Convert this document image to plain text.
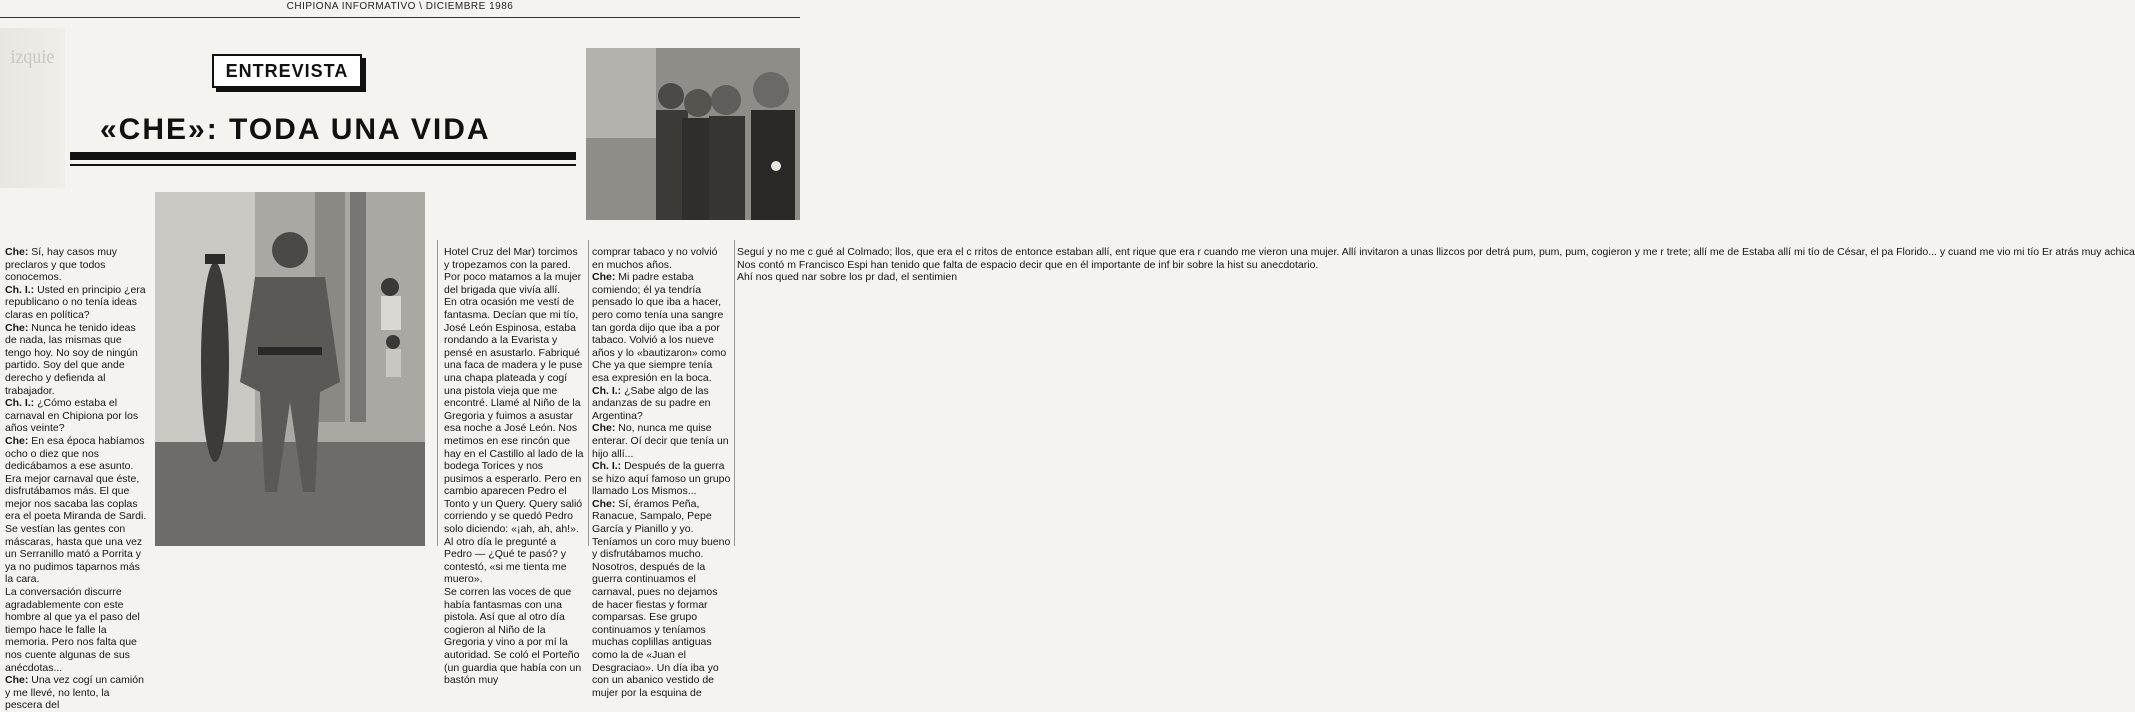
CHIPIONA INFORMATIVO \ DICIEMBRE 1986
izquie
ENTREVISTA
«CHE»: TODA UNA VIDA

Che: Sí, hay casos muy preclaros y que todos conocemos.

Ch. I.: Usted en principio ¿era republicano o no tenía ideas claras en política?

Che: Nunca he tenido ideas de nada, las mismas que tengo hoy. No soy de ningún partido. Soy del que ande derecho y defienda al trabajador.

Ch. I.: ¿Cómo estaba el carnaval en Chipiona por los años veinte?

Che: En esa época habíamos ocho o diez que nos dedicábamos a ese asunto. Era mejor carnaval que éste, disfrutábamos más. El que mejor nos sacaba las coplas era el poeta Miranda de Sardi. Se vestían las gentes con máscaras, hasta que una vez un Serranillo mató a Porrita y ya no pudimos taparnos más la cara.

La conversación discurre agradablemente con este hombre al que ya el paso del tiempo hace le falle la memoria. Pero nos falta que nos cuente algunas de sus anécdotas...

Che: Una vez cogí un camión y me llevé, no lento, la pescera del

Hotel Cruz del Mar) torcimos y tropezamos con la pared. Por poco matamos a la mujer del brigada que vivía allí.

En otra ocasión me vestí de fantasma. Decían que mi tío, José León Espinosa, estaba rondando a la Evarista y pensé en asustarlo. Fabriqué una faca de madera y le puse una chapa plateada y cogí una pistola vieja que me encontré. Llamé al Niño de la Gregoria y fuimos a asustar esa noche a José León. Nos metimos en ese rincón que hay en el Castillo al lado de la bodega Torices y nos pusimos a esperarlo. Pero en cambio aparecen Pedro el Tonto y un Query. Query salió corriendo y se quedó Pedro solo diciendo: «¡ah, ah, ah!». Al otro día le pregunté a Pedro — ¿Qué te pasó? y contestó, «si me tienta me muero».

Se corren las voces de que había fantasmas con una pistola. Así que al otro día cogieron al Niño de la Gregoria y vino a por mí la autoridad. Se coló el Porteño (un guardia que había con un bastón muy

comprar tabaco y no volvió en muchos años.

Che: Mi padre estaba comiendo; él ya tendría pensado lo que iba a hacer, pero como tenía una sangre tan gorda dijo que iba a por tabaco. Volvió a los nueve años y lo «bautizaron» como Che ya que siempre tenía esa expresión en la boca.

Ch. I.: ¿Sabe algo de las andanzas de su padre en Argentina?

Che: No, nunca me quise enterar. Oí decir que tenía un hijo allí...

Ch. I.: Después de la guerra se hizo aquí famoso un grupo llamado Los Mismos...

Che: Sí, éramos Peña, Ranacue, Sampalo, Pepe García y Pianillo y yo. Teníamos un coro muy bueno y disfrutábamos mucho. Nosotros, después de la guerra continuamos el carnaval, pues no dejamos de hacer fiestas y formar comparsas. Ese grupo continuamos y teníamos muchas coplillas antiguas como la de «Juan el Desgraciao». Un día iba yo con un abanico vestido de mujer por la esquina de

Seguí y no me c gué al Colmado; llos, que era el c rritos de entonce estaban allí, ent rique que era r cuando me vieron una mujer. Allí invitaron a unas llizcos por detrá pum, pum, pum, cogieron y me r trete; allí me de Estaba allí mi tío de César, el pa Florido... y cuand me vio mi tío Er atrás muy achica

Nos contó m Francisco Espi han tenido que falta de espacio decir que en él importante de inf bir sobre la hist su anecdotario.

Ahí nos qued nar sobre los pr dad, el sentimien
